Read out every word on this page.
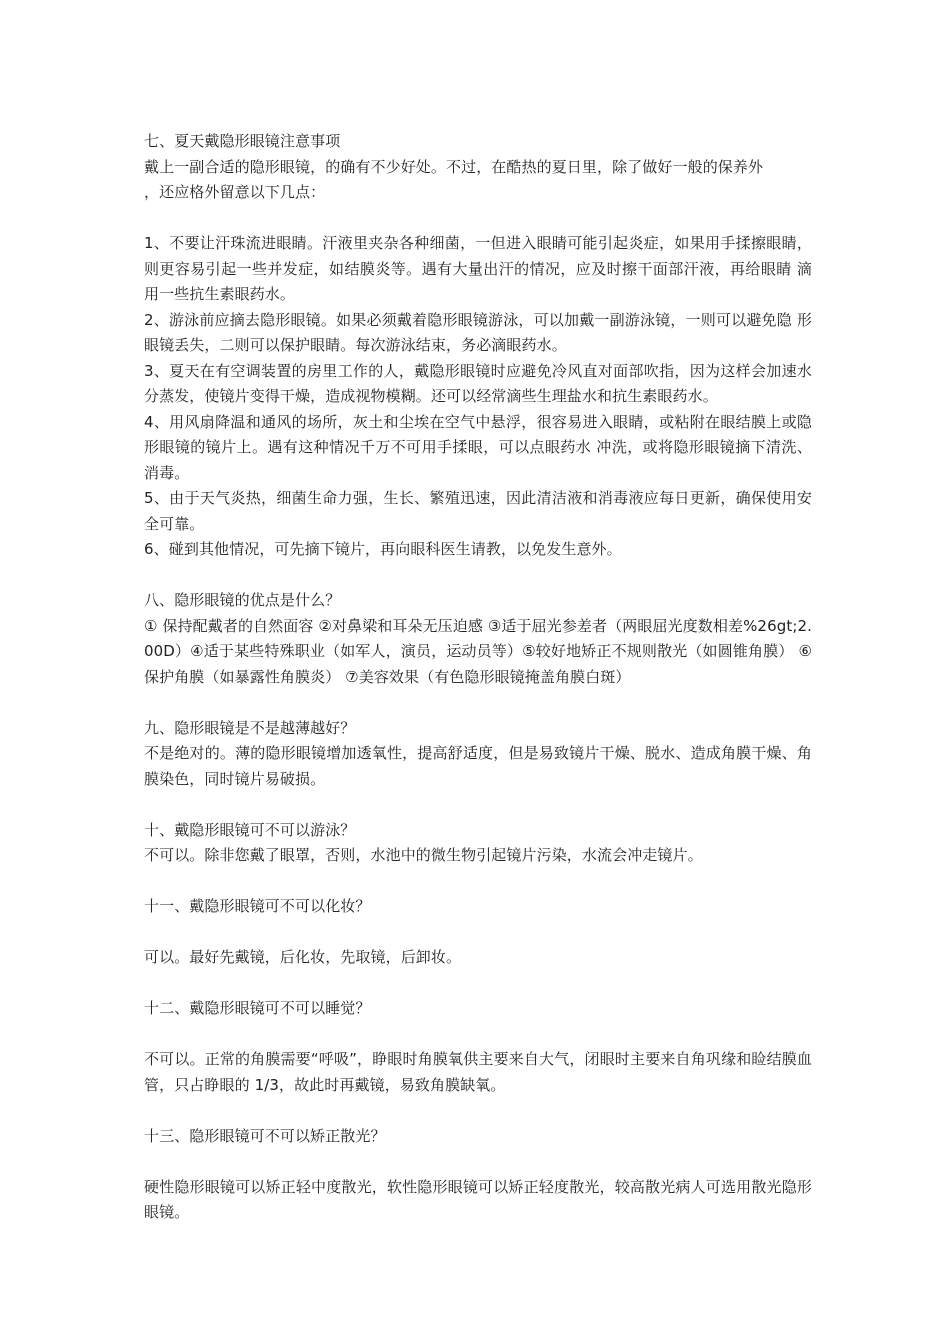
七、夏天戴隐形眼镜注意事项

戴上一副合适的隐形眼镜，的确有不少好处。不过，在酷热的夏日里，除了做好一般的保养外

，还应格外留意以下几点：

1、不要让汗珠流进眼睛。汗液里夹杂各种细菌，一但进入眼睛可能引起炎症，如果用手揉擦眼睛，则更容易引起一些并发症，如结膜炎等。遇有大量出汗的情况，应及时擦干面部汗液，再给眼睛 滴用一些抗生素眼药水。

2、游泳前应摘去隐形眼镜。如果必须戴着隐形眼镜游泳，可以加戴一副游泳镜，一则可以避免隐 形眼镜丢失，二则可以保护眼睛。每次游泳结束，务必滴眼药水。

3、夏天在有空调装置的房里工作的人，戴隐形眼镜时应避免冷风直对面部吹指，因为这样会加速水分蒸发，使镜片变得干燥，造成视物模糊。还可以经常滴些生理盐水和抗生素眼药水。

4、用风扇降温和通风的场所，灰土和尘埃在空气中悬浮，很容易进入眼睛，或粘附在眼结膜上或隐形眼镜的镜片上。遇有这种情况千万不可用手揉眼，可以点眼药水 冲洗，或将隐形眼镜摘下清洗、消毒。

5、由于天气炎热，细菌生命力强，生长、繁殖迅速，因此清洁液和消毒液应每日更新，确保使用安全可靠。

6、碰到其他情况，可先摘下镜片，再向眼科医生请教，以免发生意外。

八、隐形眼镜的优点是什么？

① 保持配戴者的自然面容 ②对鼻梁和耳朵无压迫感 ③适于屈光参差者（两眼屈光度数相差%26gt;2.00D）④适于某些特殊职业（如军人，演员，运动员等）⑤较好地矫正不规则散光（如圆锥角膜） ⑥保护角膜（如暴露性角膜炎） ⑦美容效果（有色隐形眼镜掩盖角膜白斑）

九、隐形眼镜是不是越薄越好？

不是绝对的。薄的隐形眼镜增加透氧性，提高舒适度，但是易致镜片干燥、脱水、造成角膜干燥、角膜染色，同时镜片易破损。

十、戴隐形眼镜可不可以游泳？

不可以。除非您戴了眼罩，否则，水池中的微生物引起镜片污染，水流会冲走镜片。

十一、戴隐形眼镜可不可以化妆？

可以。最好先戴镜，后化妆，先取镜，后卸妆。

十二、戴隐形眼镜可不可以睡觉？

不可以。正常的角膜需要“呼吸”，睁眼时角膜氧供主要来自大气，闭眼时主要来自角巩缘和睑结膜血管，只占睁眼的 1/3，故此时再戴镜，易致角膜缺氧。

十三、隐形眼镜可不可以矫正散光？

硬性隐形眼镜可以矫正轻中度散光，软性隐形眼镜可以矫正轻度散光，较高散光病人可选用散光隐形眼镜。
